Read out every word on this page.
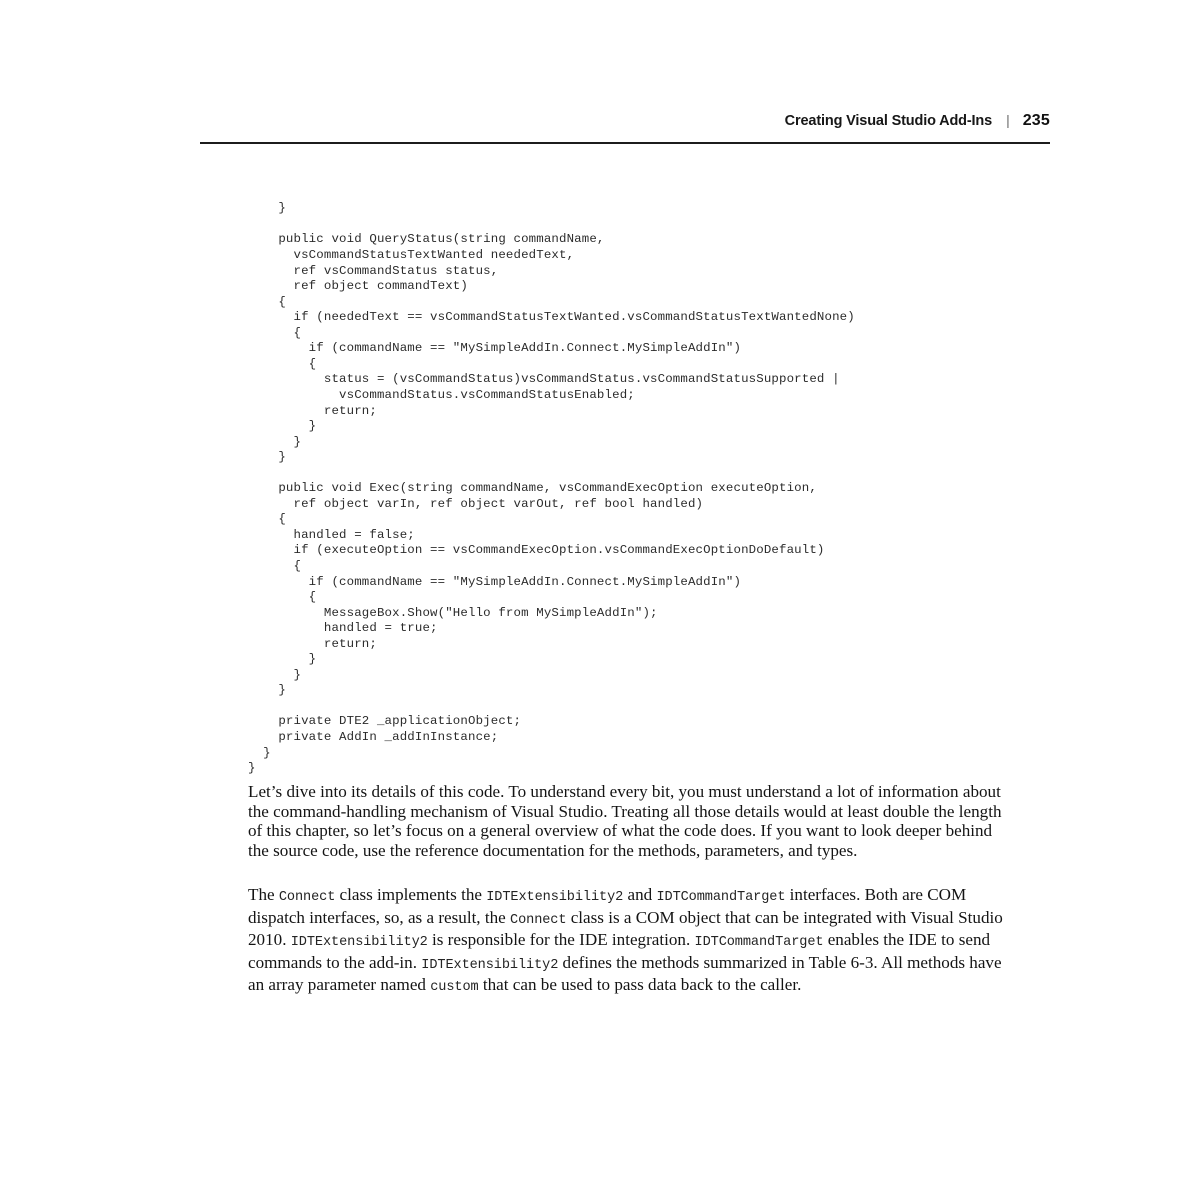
Creating Visual Studio Add-Ins | 235
}

public void QueryStatus(string commandName,
vsCommandStatusTextWanted neededText,
ref vsCommandStatus status,
ref object commandText)
{
if (neededText == vsCommandStatusTextWanted.vsCommandStatusTextWantedNone)
{
if (commandName == "MySimpleAddIn.Connect.MySimpleAddIn")
{
status = (vsCommandStatus)vsCommandStatus.vsCommandStatusSupported |
vsCommandStatus.vsCommandStatusEnabled;
return;
}
}
}

public void Exec(string commandName, vsCommandExecOption executeOption,
ref object varIn, ref object varOut, ref bool handled)
{
handled = false;
if (executeOption == vsCommandExecOption.vsCommandExecOptionDoDefault)
{
if (commandName == "MySimpleAddIn.Connect.MySimpleAddIn")
{
MessageBox.Show("Hello from MySimpleAddIn");
handled = true;
return;
}
}
}

private DTE2 _applicationObject;
private AddIn _addInInstance;
}
}

Let’s dive into its details of this code. To understand every bit, you must understand a lot of information about the command-handling mechanism of Visual Studio. Treating all those details would at least double the length of this chapter, so let’s focus on a general overview of what the code does. If you want to look deeper behind the source code, use the reference documentation for the methods, parameters, and types.

The Connect class implements the IDTExtensibility2 and IDTCommandTarget interfaces. Both are COM dispatch interfaces, so, as a result, the Connect class is a COM object that can be integrated with Visual Studio 2010. IDTExtensibility2 is responsible for the IDE integration. IDTCommandTarget enables the IDE to send commands to the add-in. IDTExtensibility2 defines the methods summarized in Table 6-3. All methods have an array parameter named custom that can be used to pass data back to the caller.
